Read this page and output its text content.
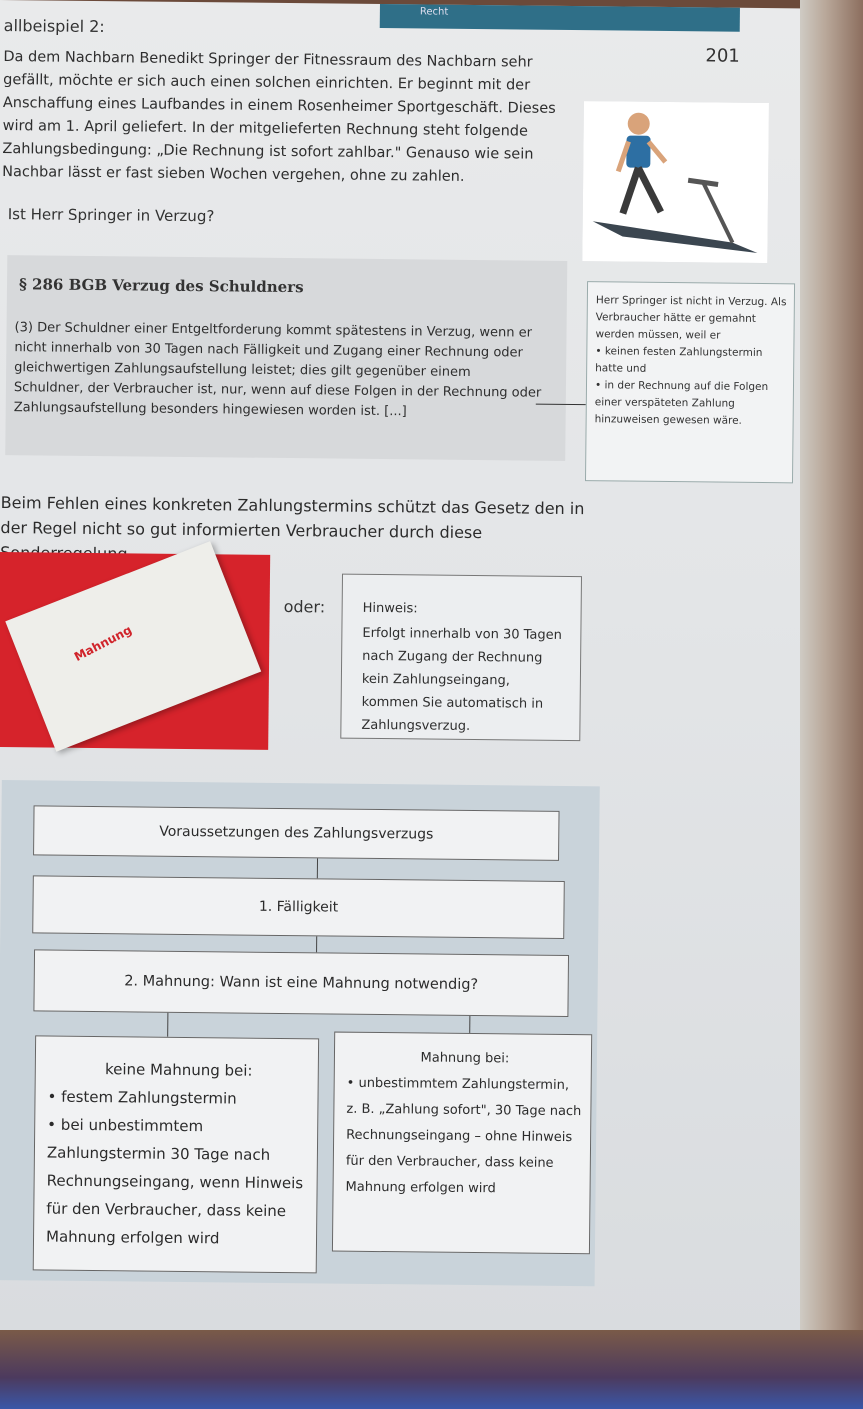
Recht
201
allbeispiel 2:
Da dem Nachbarn Benedikt Springer der Fitnessraum des Nachbarn sehr gefällt, möchte er sich auch einen solchen einrichten. Er beginnt mit der Anschaffung eines Laufbandes in einem Rosenheimer Sportgeschäft. Dieses wird am 1. April geliefert. In der mitgelieferten Rechnung steht folgende Zahlungsbedingung: „Die Rechnung ist sofort zahlbar." Genauso wie sein Nachbar lässt er fast sieben Wochen vergehen, ohne zu zahlen.
Ist Herr Springer in Verzug?
§ 286 BGB Verzug des Schuldners
(3) Der Schuldner einer Entgeltforderung kommt spätestens in Verzug, wenn er nicht innerhalb von 30 Tagen nach Fälligkeit und Zugang einer Rechnung oder gleichwertigen Zahlungsaufstellung leistet; dies gilt gegenüber einem Schuldner, der Verbraucher ist, nur, wenn auf diese Folgen in der Rechnung oder Zahlungsaufstellung besonders hingewiesen worden ist. [...]
Herr Springer ist nicht in Verzug. Als Verbraucher hätte er gemahnt werden müssen, weil er
• keinen festen Zahlungstermin hatte und
• in der Rechnung auf die Folgen einer verspäteten Zahlung hinzuweisen gewesen wäre.
Beim Fehlen eines konkreten Zahlungstermins schützt das Gesetz den in der Regel nicht so gut informierten Verbraucher durch diese
Mahnung
oder:	Hinweis:
Erfolgt innerhalb von 30 Tagen nach Zugang der Rechnung kein Zahlungseingang, kommen Sie automatisch in Zahlungsverzug.
Voraussetzungen des Zahlungsverzugs
1. Fälligkeit
2. Mahnung: Wann ist eine Mahnung notwendig?
keine Mahnung bei:
• festem Zahlungstermin
• bei unbestimmtem Zahlungstermin 30 Tage nach Rechnungseingang, wenn Hinweis für den Verbraucher, dass keine Mahnung erfolgen wird
Mahnung bei:
• unbestimmtem Zahlungstermin, z. B. „Zahlung sofort", 30 Tage nach Rechnungseingang – ohne Hinweis für den Verbraucher, dass keine Mahnung erfolgen wird
